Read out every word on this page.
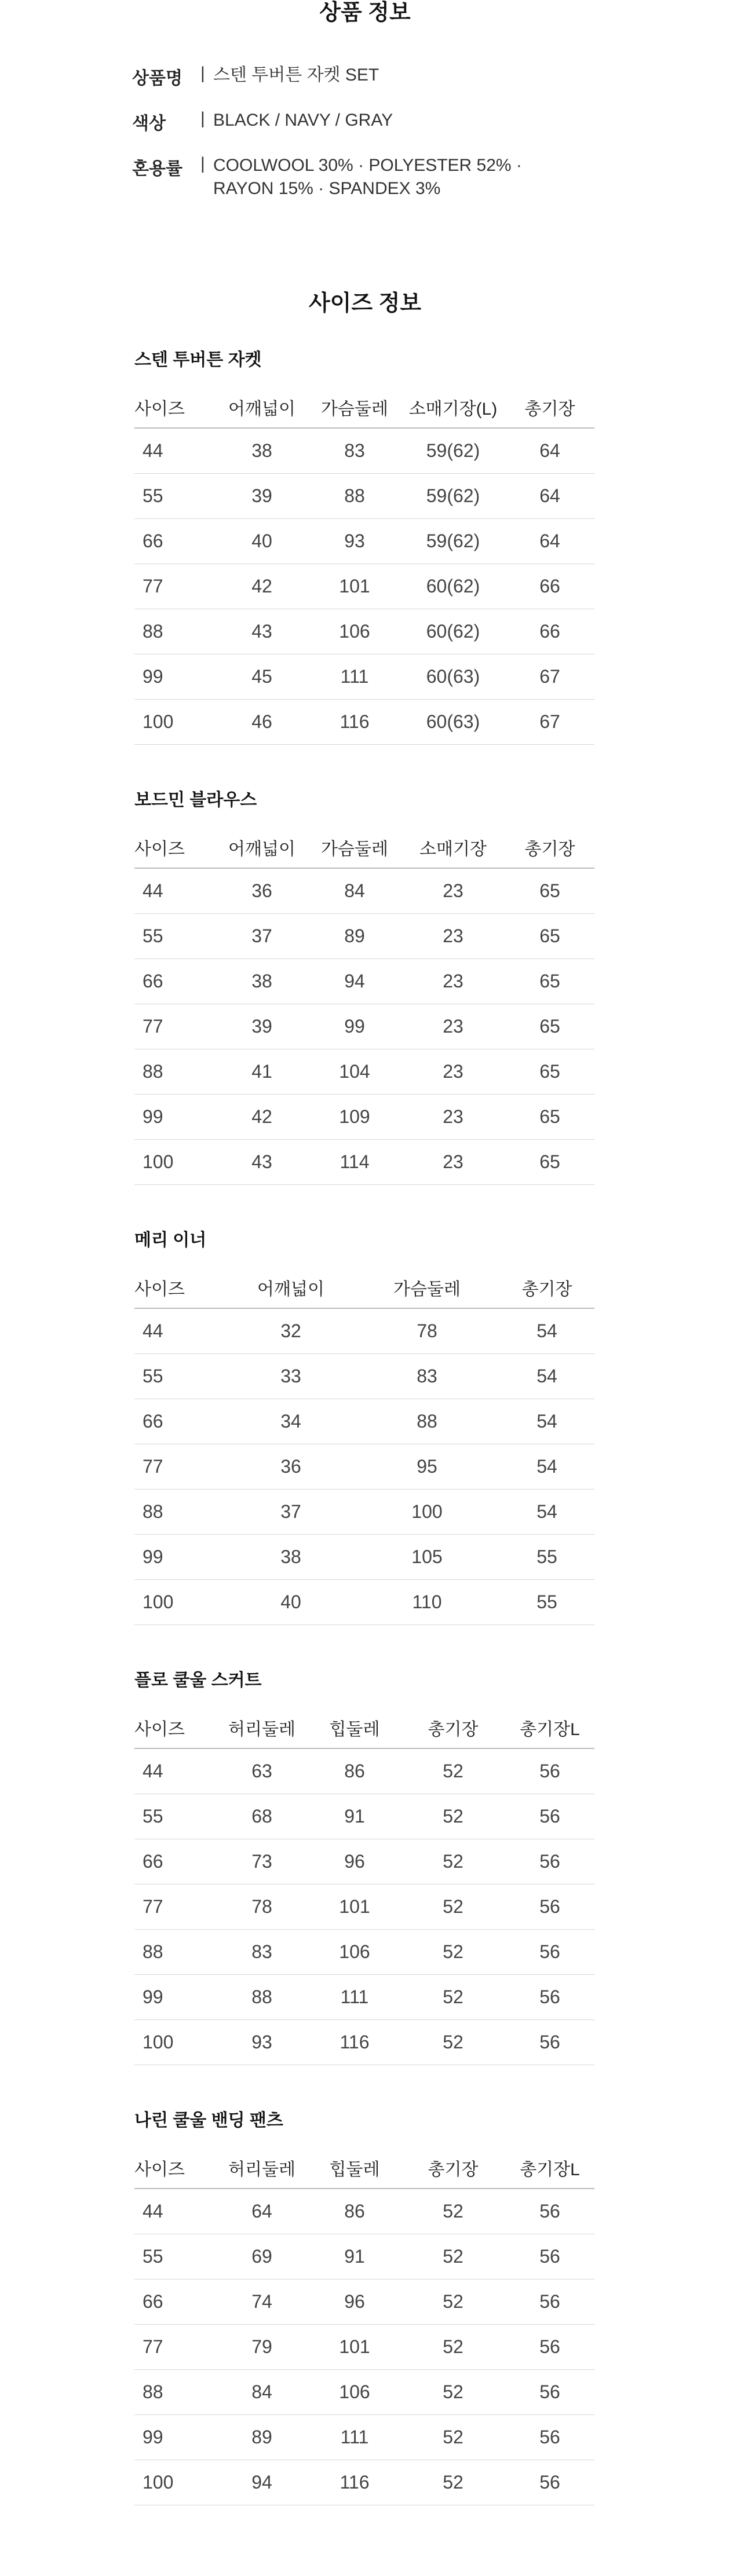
상품 정보
상품명	| 스텐 투버튼 자켓 SET
색상	| BLACK / NAVY / GRAY
혼용률	| COOLWOOL 30% · POLYESTER 52% · RAYON 15% · SPANDEX 3%
사이즈 정보
스텐 투버튼 자켓
사이즈	어깨넓이	가슴둘레	소매기장(L)	총기장
44	38	83	59(62)	64
55	39	88	59(62)	64
66	40	93	59(62)	64
77	42	101	60(62)	66
88	43	106	60(62)	66
99	45	111	60(63)	67
100	46	116	60(63)	67
보드민 블라우스
사이즈	어깨넓이	가슴둘레	소매기장	총기장
44	36	84	23	65
55	37	89	23	65
66	38	94	23	65
77	39	99	23	65
88	41	104	23	65
99	42	109	23	65
100	43	114	23	65
메리 이너
사이즈	어깨넓이	가슴둘레	총기장
44	32	78	54
55	33	83	54
66	34	88	54
77	36	95	54
88	37	100	54
99	38	105	55
100	40	110	55
플로 쿨울 스커트
사이즈	허리둘레	힙둘레	총기장	총기장L
44	63	86	52	56
55	68	91	52	56
66	73	96	52	56
77	78	101	52	56
88	83	106	52	56
99	88	111	52	56
100	93	116	52	56
나린 쿨울 밴딩 팬츠
사이즈	허리둘레	힙둘레	총기장	총기장L
44	64	86	52	56
55	69	91	52	56
66	74	96	52	56
77	79	101	52	56
88	84	106	52	56
99	89	111	52	56
100	94	116	52	56
